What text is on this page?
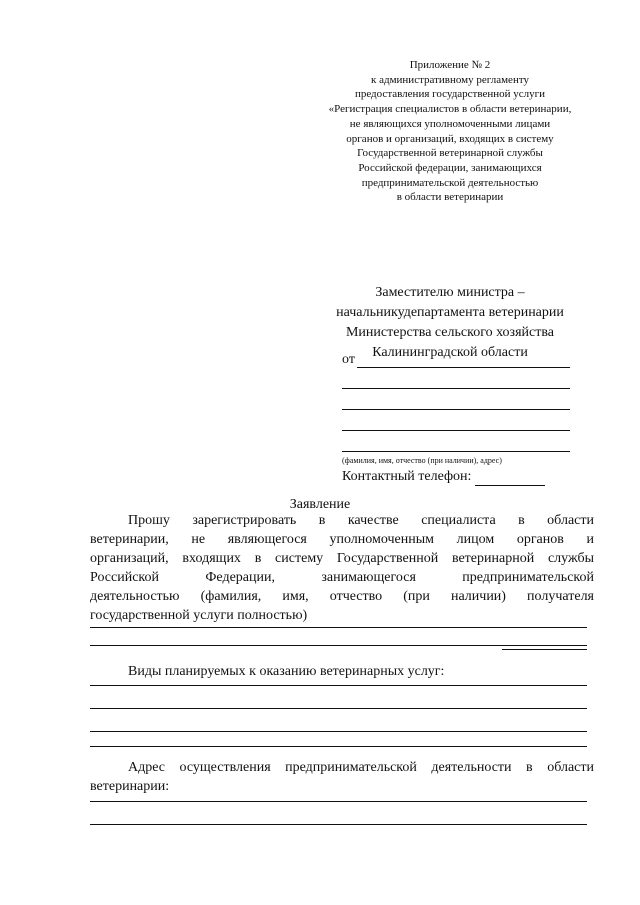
Приложение № 2
к административному регламенту
предоставления государственной услуги
«Регистрация специалистов в области ветеринарии,
не являющихся уполномоченными лицами
органов и организаций, входящих в систему
Государственной ветеринарной службы
Российской федерации, занимающихся
предпринимательской деятельностью
в области ветеринарии
Заместителю министра –
начальникудепартамента ветеринарии
Министерства сельского хозяйства
Калининградской области
от
(фамилия, имя, отчество (при наличии), адрес)
Контактный телефон:
Заявление
Прошу зарегистрировать в качестве специалиста в области
ветеринарии, не являющегося уполномоченным лицом органов и
организаций, входящих в систему Государственной ветеринарной службы
Российской Федерации, занимающегося предпринимательской
деятельностью (фамилия, имя, отчество (при наличии) получателя
государственной услуги полностью)
Виды планируемых к оказанию ветеринарных услуг:
Адрес осуществления предпринимательской деятельности в области
ветеринарии:
